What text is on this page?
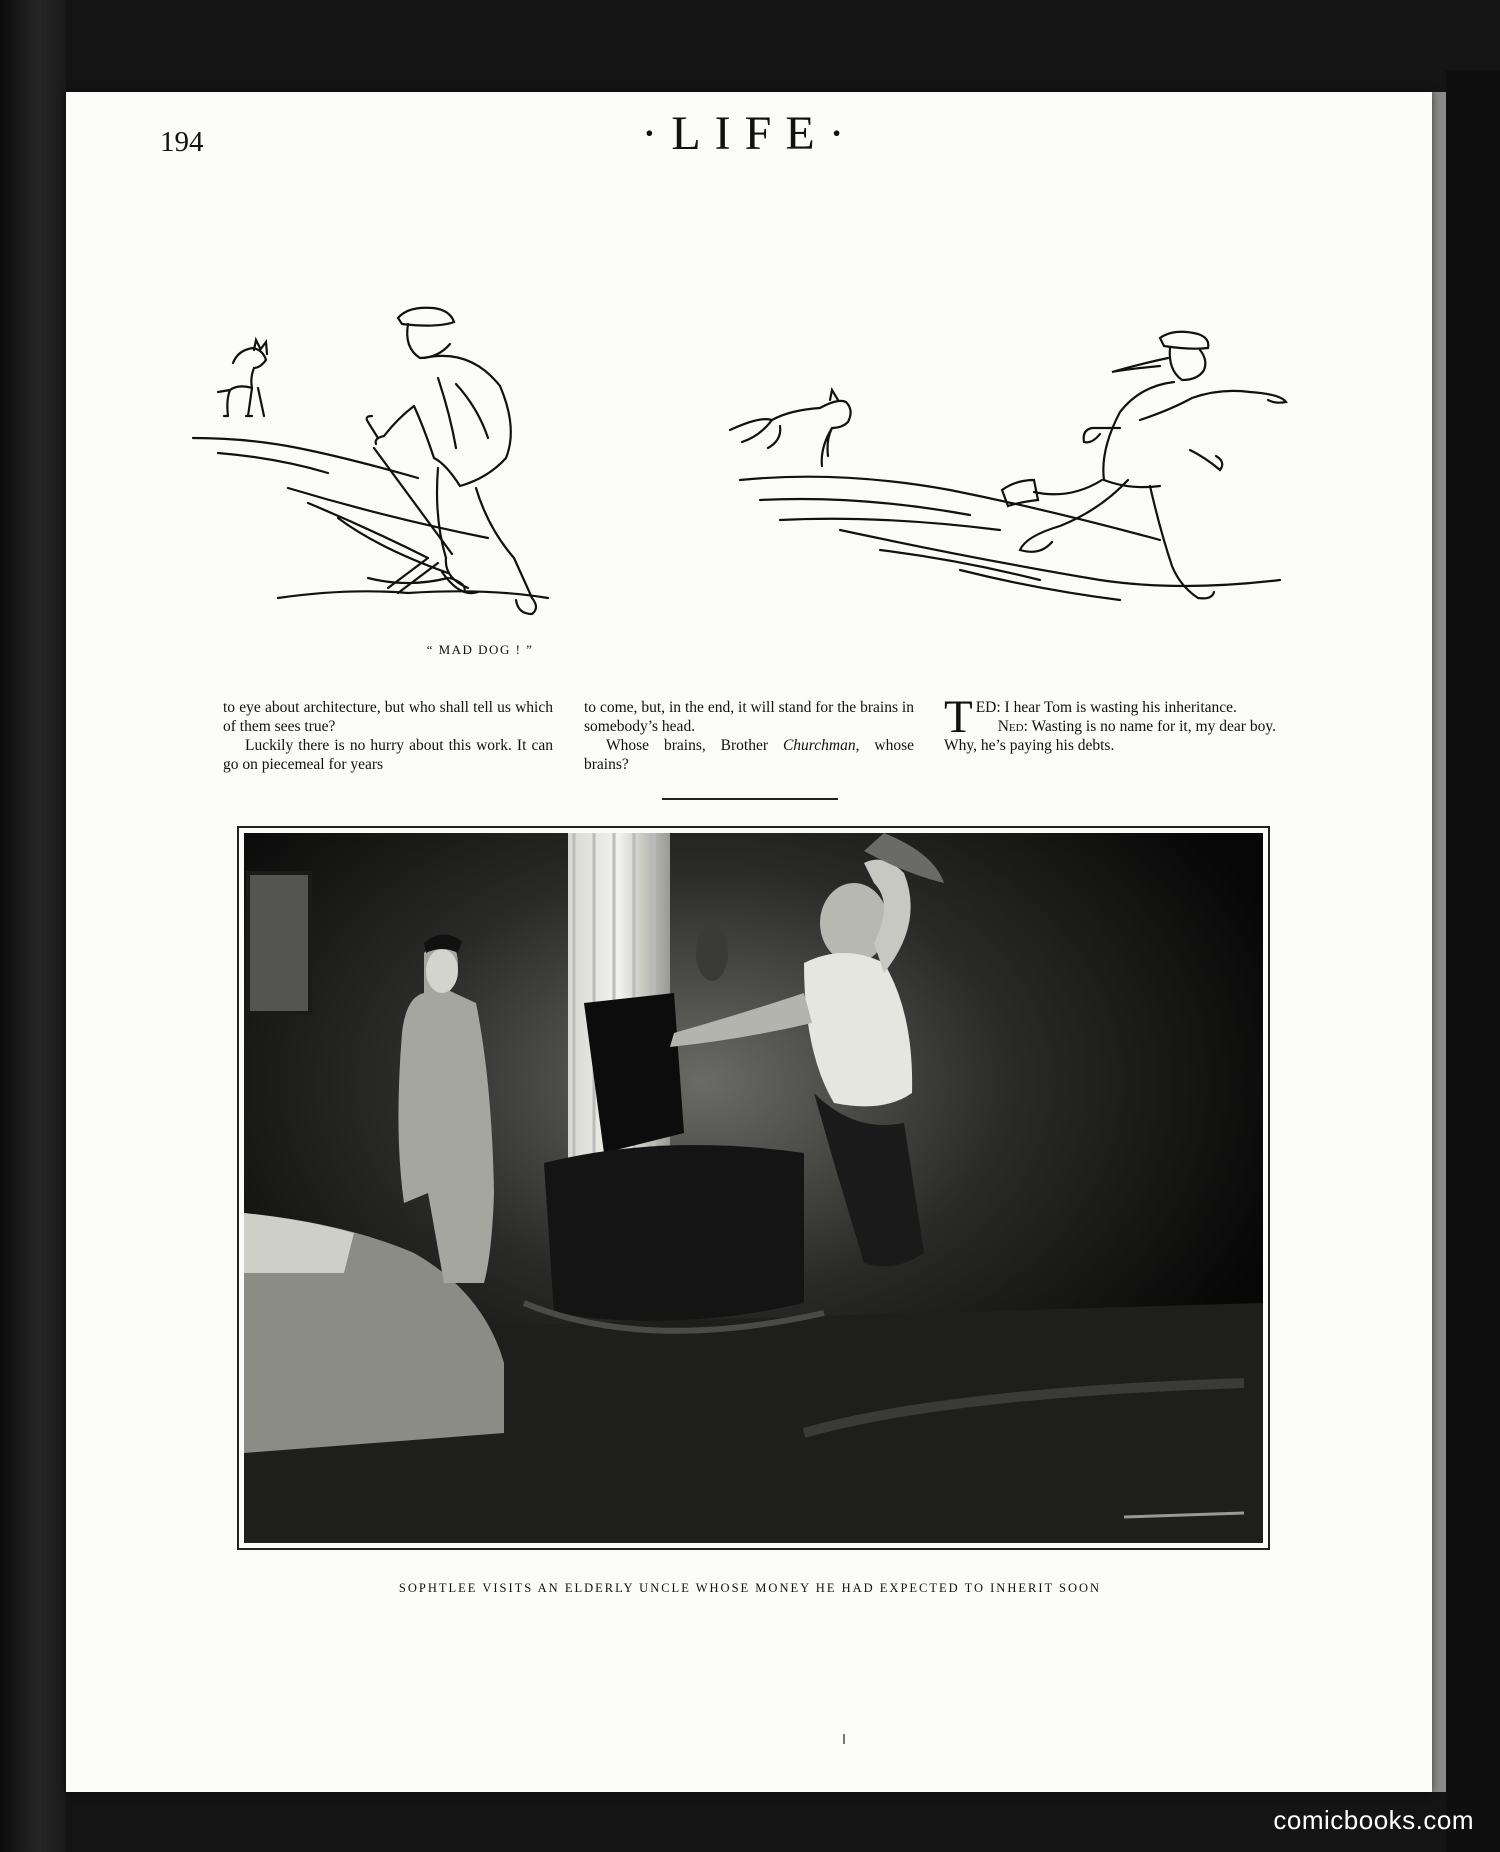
194	·LIFE·
“ MAD DOG ! ”

to eye about architecture, but who shall tell us which of them sees true?

Luckily there is no hurry about this work. It can go on piecemeal for years

to come, but, in the end, it will stand for the brains in somebody’s head.

Whose brains, Brother Churchman, whose brains?

TED: I hear Tom is wasting his inheritance.

Ned: Wasting is no name for it, my dear boy. Why, he’s paying his debts.

SOPHTLEE VISITS AN ELDERLY UNCLE WHOSE MONEY HE HAD EXPECTED TO INHERIT SOON
comicbooks.com
